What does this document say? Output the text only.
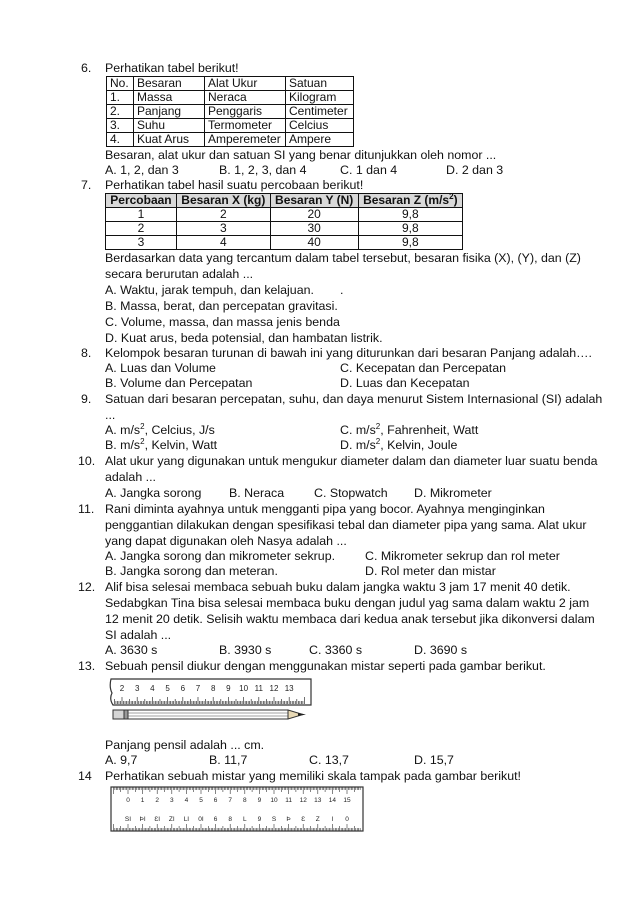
6. Perhatikan tabel berikut!
No.	Besaran	Alat Ukur	Satuan
1.	Massa	Neraca	Kilogram
2.	Panjang	Penggaris	Centimeter
3.	Suhu	Termometer	Celcius
4.	Kuat Arus	Amperemeter	Ampere
Besaran, alat ukur dan satuan SI yang benar ditunjukkan oleh nomor ...
A. 1, 2, dan 3	B. 1, 2, 3, dan 4	C. 1 dan 4	D. 2 dan 3
7. Perhatikan tabel hasil suatu percobaan berikut!
Percobaan	Besaran X (kg)	Besaran Y (N)	Besaran Z $(m/s^2)$
1	2	20	9,8
2	3	30	9,8
3	4	40	9,8
Berdasarkan data yang tercantum dalam tabel tersebut, besaran fisika (X), (Y), dan (Z)
secara berurutan adalah ...
A. Waktu, jarak tempuh, dan kelajuan. .
B. Massa, berat, dan percepatan gravitasi.
C. Volume, massa, dan massa jenis benda
D. Kuat arus, beda potensial, dan hambatan listrik.
8. Kelompok besaran turunan di bawah ini yang diturunkan dari besaran Panjang adalah….
A. Luas dan Volume	C. Kecepatan dan Percepatan
B. Volume dan Percepatan	D. Luas dan Kecepatan
9. Satuan dari besaran percepatan, suhu, dan daya menurut Sistem Internasional (SI) adalah
...
A. $m/s^2$, Celcius, J/s	C. $m/s^2$, Fahrenheit, Watt
B. $m/s^2$, Kelvin, Watt	D. $m/s^2$, Kelvin, Joule
10. Alat ukur yang digunakan untuk mengukur diameter dalam dan diameter luar suatu benda
adalah ...
A. Jangka sorong B. Neraca C. Stopwatch D. Mikrometer
11. Rani diminta ayahnya untuk mengganti pipa yang bocor. Ayahnya menginginkan
penggantian dilakukan dengan spesifikasi tebal dan diameter pipa yang sama. Alat ukur
yang dapat digunakan oleh Nasya adalah ...
A. Jangka sorong dan mikrometer sekrup. C. Mikrometer sekrup dan rol meter
B. Jangka sorong dan meteran.	D. Rol meter dan mistar
12. Alif bisa selesai membaca sebuah buku dalam jangka waktu 3 jam 17 menit 40 detik.
Sedabgkan Tina bisa selesai membaca buku dengan judul yag sama dalam waktu 2 jam
12 menit 20 detik. Selisih waktu membaca dari kedua anak tersebut jika dikonversi dalam
SI adalah ...
A. 3630 s	B. 3930 s	C. 3360 s	D. 3690 s
13. Sebuah pensil diukur dengan menggunakan mistar seperti pada gambar berikut.
2 3 4 5 6 7 8 9 10 11 12 13
Panjang pensil adalah ... cm.
A. 9,7	B. 11,7	C. 13,7	D. 15,7
14 Perhatikan sebuah mistar yang memiliki skala tampak pada gambar berikut!
0 1 2 3 4 5 6 7 8 9 10 11 12 13 14 15
SI ÞI ƐI ZI LI 0I 6 8 L 9 S Þ Ɛ Z I 0
